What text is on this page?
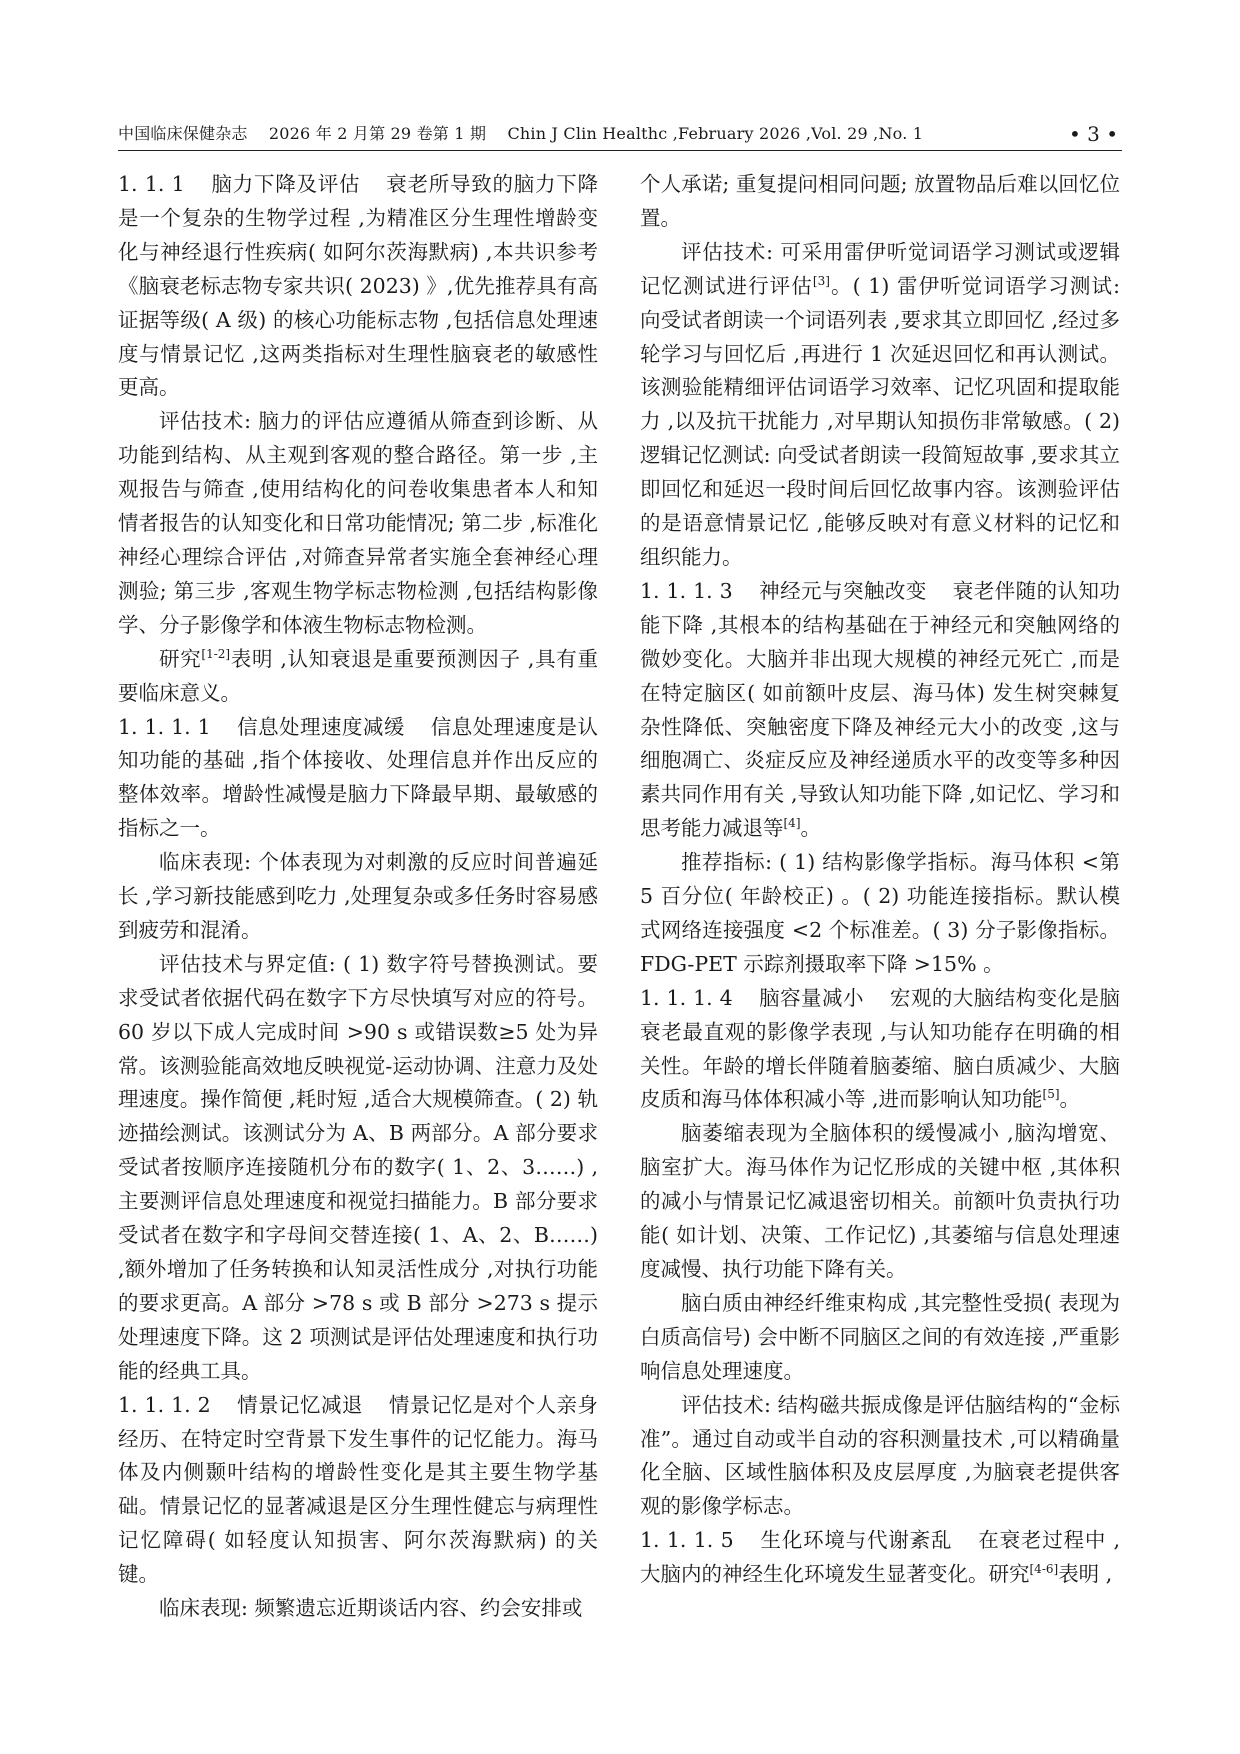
中国临床保健杂志 2026 年 2 月第 29 卷第 1 期 Chin J Clin Healthc ,February 2026 ,Vol. 29 ,No. 1	• 3 •

1. 1. 1 脑力下降及评估 衰老所导致的脑力下降是一个复杂的生物学过程 ,为精准区分生理性增龄变化与神经退行性疾病( 如阿尔茨海默病) ,本共识参考《脑衰老标志物专家共识( 2023) 》,优先推荐具有高证据等级( A 级) 的核心功能标志物 ,包括信息处理速度与情景记忆 ,这两类指标对生理性脑衰老的敏感性更高。

评估技术: 脑力的评估应遵循从筛查到诊断、从功能到结构、从主观到客观的整合路径。第一步 ,主观报告与筛查 ,使用结构化的问卷收集患者本人和知情者报告的认知变化和日常功能情况; 第二步 ,标准化神经心理综合评估 ,对筛查异常者实施全套神经心理测验; 第三步 ,客观生物学标志物检测 ,包括结构影像学、分子影像学和体液生物标志物检测。

研究[1-2]表明 ,认知衰退是重要预测因子 ,具有重要临床意义。

1. 1. 1. 1 信息处理速度减缓 信息处理速度是认知功能的基础 ,指个体接收、处理信息并作出反应的整体效率。增龄性减慢是脑力下降最早期、最敏感的指标之一。

临床表现: 个体表现为对刺激的反应时间普遍延长 ,学习新技能感到吃力 ,处理复杂或多任务时容易感到疲劳和混淆。

评估技术与界定值: ( 1) 数字符号替换测试。要求受试者依据代码在数字下方尽快填写对应的符号。60 岁以下成人完成时间 >90 s 或错误数≥5 处为异常。该测验能高效地反映视觉-运动协调、注意力及处理速度。操作简便 ,耗时短 ,适合大规模筛查。( 2) 轨迹描绘测试。该测试分为 A、B 两部分。A 部分要求受试者按顺序连接随机分布的数字( 1、2、3……) ,主要测评信息处理速度和视觉扫描能力。B 部分要求受试者在数字和字母间交替连接( 1、A、2、B……) ,额外增加了任务转换和认知灵活性成分 ,对执行功能的要求更高。A 部分 >78 s 或 B 部分 >273 s 提示处理速度下降。这 2 项测试是评估处理速度和执行功能的经典工具。

1. 1. 1. 2 情景记忆减退 情景记忆是对个人亲身经历、在特定时空背景下发生事件的记忆能力。海马体及内侧颞叶结构的增龄性变化是其主要生物学基础。情景记忆的显著减退是区分生理性健忘与病理性记忆障碍( 如轻度认知损害、阿尔茨海默病) 的关键。

临床表现: 频繁遗忘近期谈话内容、约会安排或

个人承诺; 重复提问相同问题; 放置物品后难以回忆位置。

评估技术: 可采用雷伊听觉词语学习测试或逻辑记忆测试进行评估[3]。( 1) 雷伊听觉词语学习测试: 向受试者朗读一个词语列表 ,要求其立即回忆 ,经过多轮学习与回忆后 ,再进行 1 次延迟回忆和再认测试。该测验能精细评估词语学习效率、记忆巩固和提取能力 ,以及抗干扰能力 ,对早期认知损伤非常敏感。( 2) 逻辑记忆测试: 向受试者朗读一段简短故事 ,要求其立即回忆和延迟一段时间后回忆故事内容。该测验评估的是语意情景记忆 ,能够反映对有意义材料的记忆和组织能力。

1. 1. 1. 3 神经元与突触改变 衰老伴随的认知功能下降 ,其根本的结构基础在于神经元和突触网络的微妙变化。大脑并非出现大规模的神经元死亡 ,而是在特定脑区( 如前额叶皮层、海马体) 发生树突棘复杂性降低、突触密度下降及神经元大小的改变 ,这与细胞凋亡、炎症反应及神经递质水平的改变等多种因素共同作用有关 ,导致认知功能下降 ,如记忆、学习和思考能力减退等[4]。

推荐指标: ( 1) 结构影像学指标。海马体积 <第 5 百分位( 年龄校正) 。( 2) 功能连接指标。默认模式网络连接强度 <2 个标准差。( 3) 分子影像指标。FDG-PET 示踪剂摄取率下降 >15% 。

1. 1. 1. 4 脑容量减小 宏观的大脑结构变化是脑衰老最直观的影像学表现 ,与认知功能存在明确的相关性。年龄的增长伴随着脑萎缩、脑白质减少、大脑皮质和海马体体积减小等 ,进而影响认知功能[5]。

脑萎缩表现为全脑体积的缓慢减小 ,脑沟增宽、脑室扩大。海马体作为记忆形成的关键中枢 ,其体积的减小与情景记忆减退密切相关。前额叶负责执行功能( 如计划、决策、工作记忆) ,其萎缩与信息处理速度减慢、执行功能下降有关。

脑白质由神经纤维束构成 ,其完整性受损( 表现为白质高信号) 会中断不同脑区之间的有效连接 ,严重影响信息处理速度。

评估技术: 结构磁共振成像是评估脑结构的“金标准”。通过自动或半自动的容积测量技术 ,可以精确量化全脑、区域性脑体积及皮层厚度 ,为脑衰老提供客观的影像学标志。

1. 1. 1. 5 生化环境与代谢紊乱 在衰老过程中 ,大脑内的神经生化环境发生显著变化。研究[4-6]表明 ,
